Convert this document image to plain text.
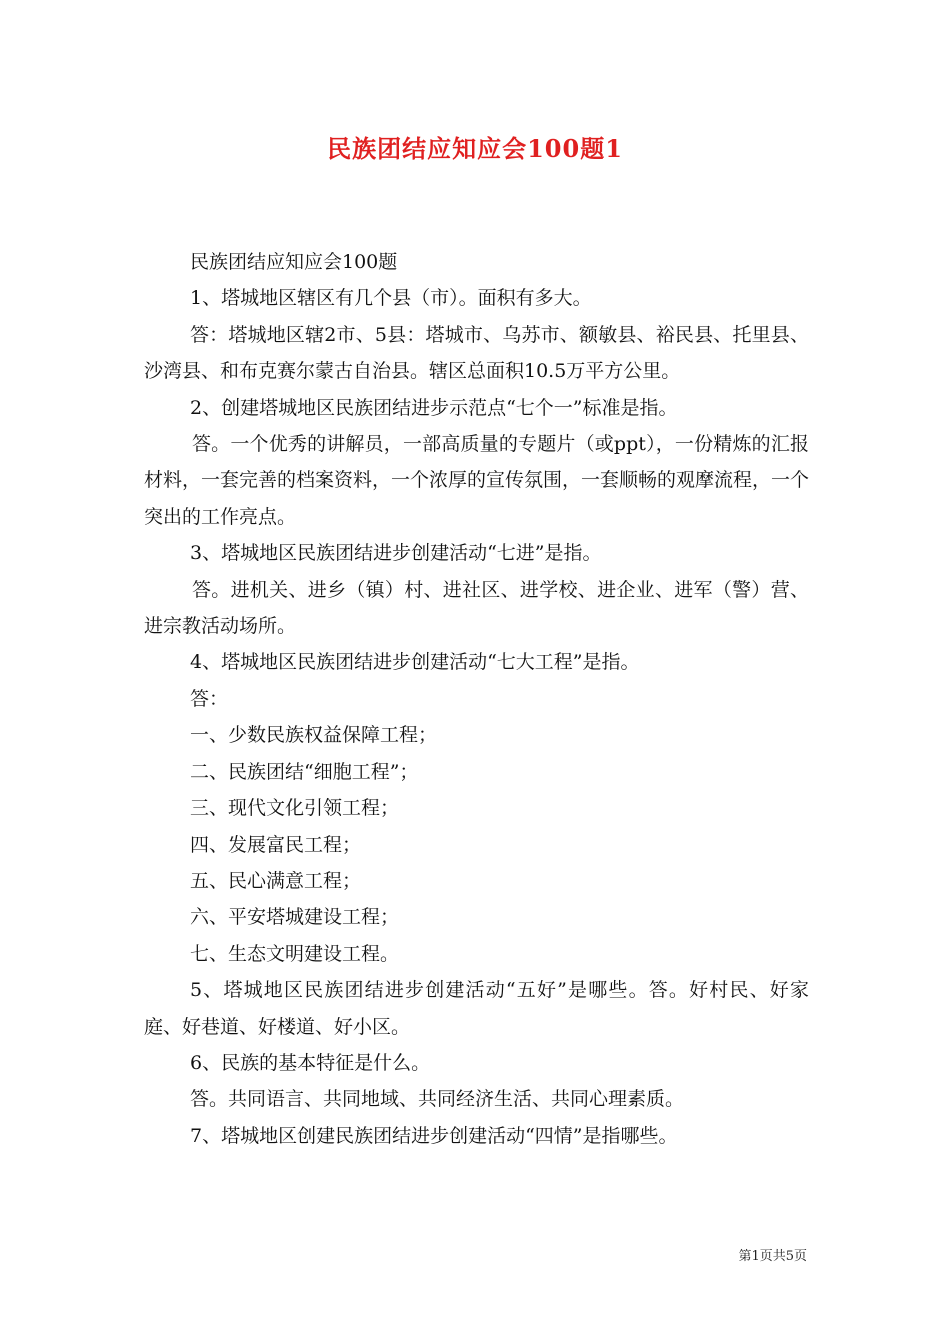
民族团结应知应会100题1

民族团结应知应会100题

1、塔城地区辖区有几个县（市）。面积有多大。

答：塔城地区辖2市、5县：塔城市、乌苏市、额敏县、裕民县、托里县、沙湾县、和布克赛尔蒙古自治县。辖区总面积10.5万平方公里。

2、创建塔城地区民族团结进步示范点“七个一”标准是指。

答。一个优秀的讲解员，一部高质量的专题片（或ppt），一份精炼的汇报材料，一套完善的档案资料，一个浓厚的宣传氛围，一套顺畅的观摩流程，一个突出的工作亮点。

3、塔城地区民族团结进步创建活动“七进”是指。

答。进机关、进乡（镇）村、进社区、进学校、进企业、进军（警）营、进宗教活动场所。

4、塔城地区民族团结进步创建活动“七大工程”是指。

答：

一、少数民族权益保障工程；

二、民族团结“细胞工程”；

三、现代文化引领工程；

四、发展富民工程；

五、民心满意工程；

六、平安塔城建设工程；

七、生态文明建设工程。

5、塔城地区民族团结进步创建活动“五好”是哪些。答。好村民、好家庭、好巷道、好楼道、好小区。

6、民族的基本特征是什么。

答。共同语言、共同地域、共同经济生活、共同心理素质。

7、塔城地区创建民族团结进步创建活动“四情”是指哪些。

第1页共5页
